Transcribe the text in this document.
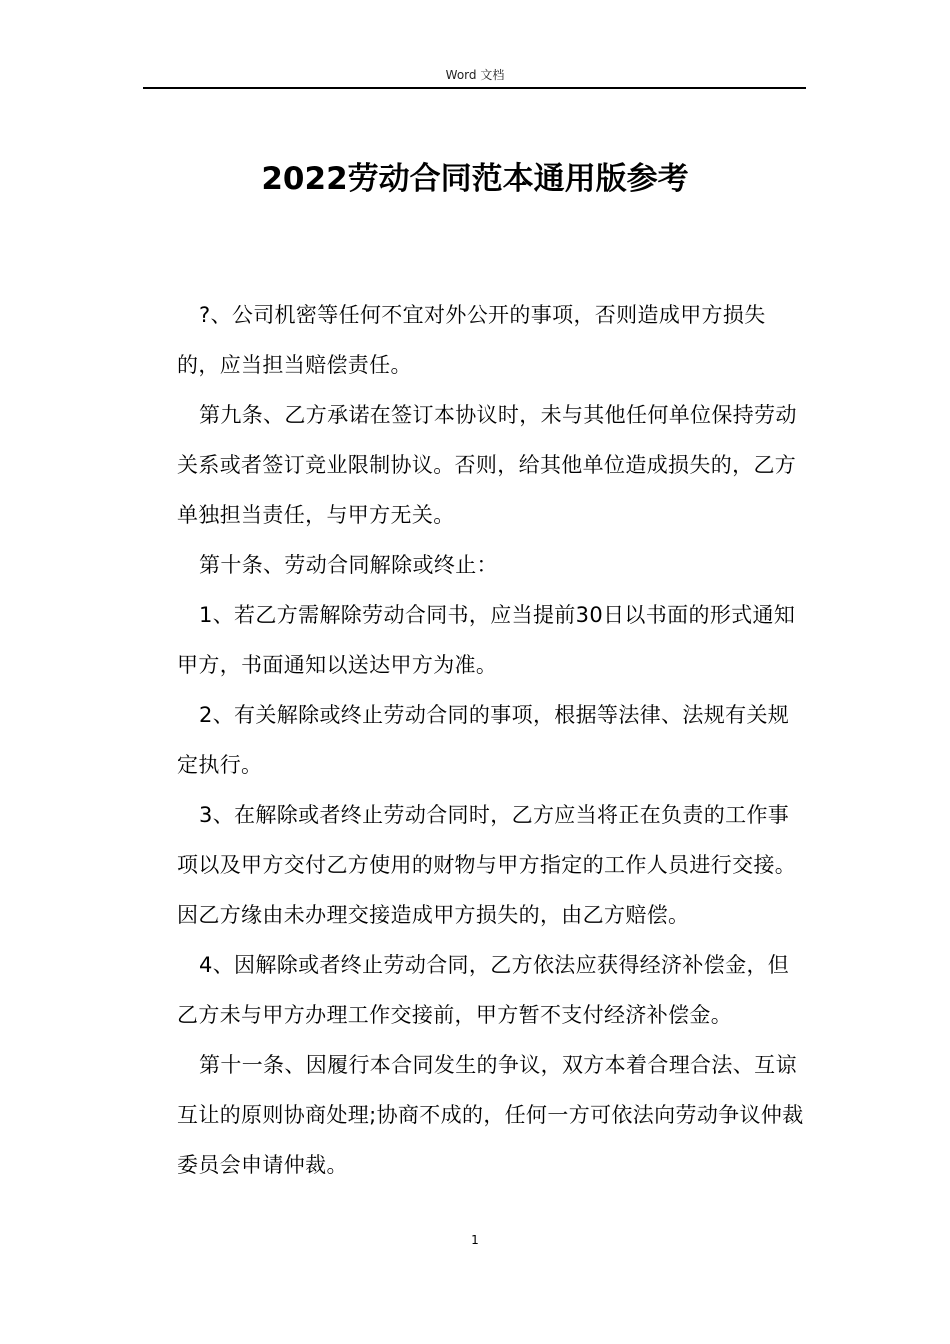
Word 文档
2022劳动合同范本通用版参考

?、公司机密等任何不宜对外公开的事项，否则造成甲方损失的，应当担当赔偿责任。

第九条、乙方承诺在签订本协议时，未与其他任何单位保持劳动关系或者签订竞业限制协议。否则，给其他单位造成损失的，乙方单独担当责任，与甲方无关。

第十条、劳动合同解除或终止：

1、若乙方需解除劳动合同书，应当提前30日以书面的形式通知甲方，书面通知以送达甲方为准。

2、有关解除或终止劳动合同的事项，根据等法律、法规有关规定执行。

3、在解除或者终止劳动合同时，乙方应当将正在负责的工作事项以及甲方交付乙方使用的财物与甲方指定的工作人员进行交接。因乙方缘由未办理交接造成甲方损失的，由乙方赔偿。

4、因解除或者终止劳动合同，乙方依法应获得经济补偿金，但乙方未与甲方办理工作交接前，甲方暂不支付经济补偿金。

第十一条、因履行本合同发生的争议，双方本着合理合法、互谅互让的原则协商处理;协商不成的，任何一方可依法向劳动争议仲裁委员会申请仲裁。

1
